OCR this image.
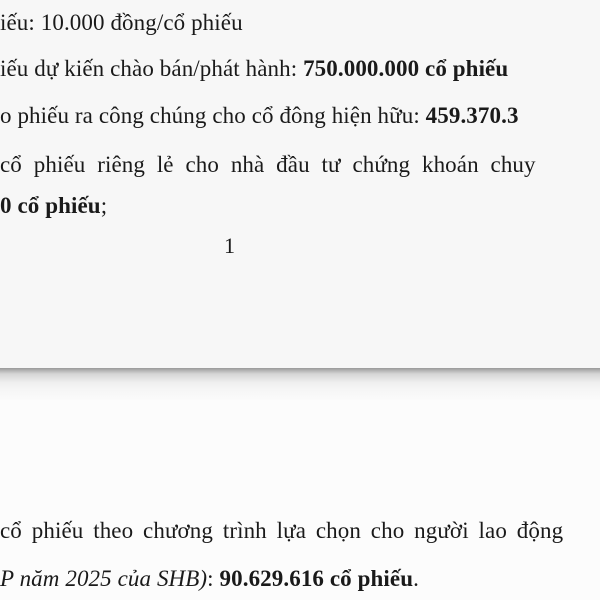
iếu: 10.000 đồng/cổ phiếu
iếu dự kiến chào bán/phát hành: 750.000.000 cổ phiếu
o phiếu ra công chúng cho cổ đông hiện hữu: 459.370.3
cổ phiếu riêng lẻ cho nhà đầu tư chứng khoán chuy
0 cổ phiếu;
1
cổ phiếu theo chương trình lựa chọn cho người lao động
P năm 2025 của SHB): 90.629.616 cổ phiếu.
